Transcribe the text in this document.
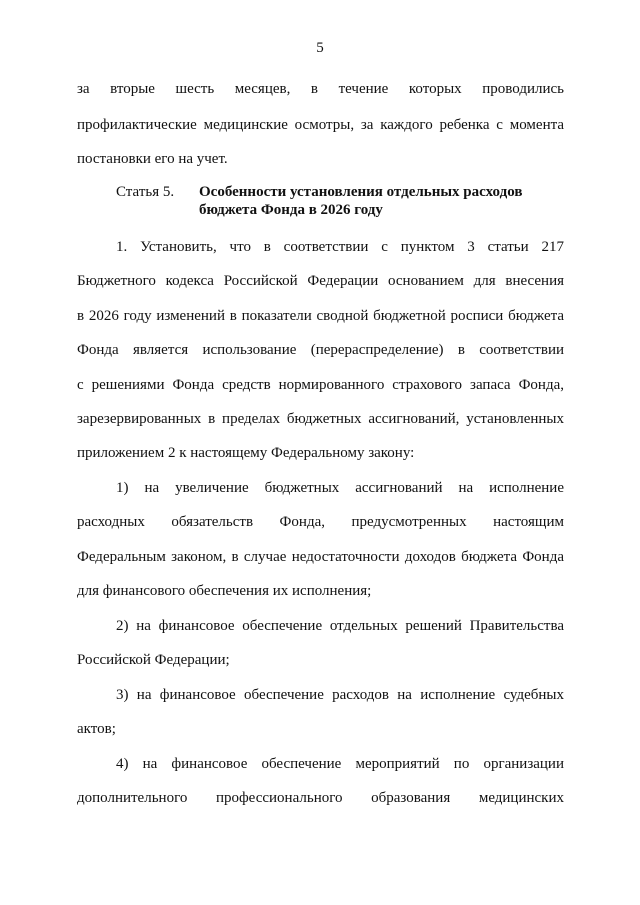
5
за вторые шесть месяцев, в течение которых проводились
профилактические медицинские осмотры, за каждого ребенка с момента
постановки его на учет.
Статья 5. Особенности установления отдельных расходов
бюджета Фонда в 2026 году
1. Установить, что в соответствии с пунктом 3 статьи 217
Бюджетного кодекса Российской Федерации основанием для внесения
в 2026 году изменений в показатели сводной бюджетной росписи бюджета
Фонда является использование (перераспределение) в соответствии
с решениями Фонда средств нормированного страхового запаса Фонда,
зарезервированных в пределах бюджетных ассигнований, установленных
приложением 2 к настоящему Федеральному закону:
1) на увеличение бюджетных ассигнований на исполнение
расходных обязательств Фонда, предусмотренных настоящим
Федеральным законом, в случае недостаточности доходов бюджета Фонда
для финансового обеспечения их исполнения;
2) на финансовое обеспечение отдельных решений Правительства
Российской Федерации;
3) на финансовое обеспечение расходов на исполнение судебных
актов;
4) на финансовое обеспечение мероприятий по организации
дополнительного профессионального образования медицинских
